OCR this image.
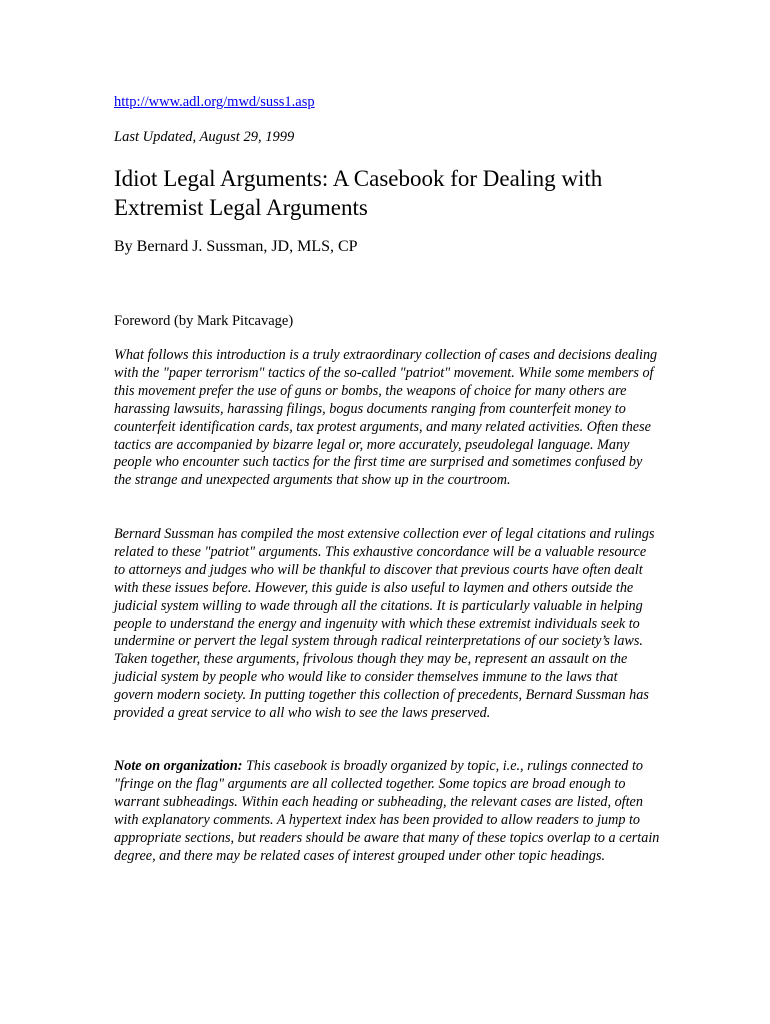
http://www.adl.org/mwd/suss1.asp
Last Updated, August 29, 1999
Idiot Legal Arguments: A Casebook for Dealing with Extremist Legal Arguments
By Bernard J. Sussman, JD, MLS, CP
Foreword (by Mark Pitcavage)

What follows this introduction is a truly extraordinary collection of cases and decisions dealing with the "paper terrorism" tactics of the so-called "patriot" movement. While some members of this movement prefer the use of guns or bombs, the weapons of choice for many others are harassing lawsuits, harassing filings, bogus documents ranging from counterfeit money to counterfeit identification cards, tax protest arguments, and many related activities. Often these tactics are accompanied by bizarre legal or, more accurately, pseudolegal language. Many people who encounter such tactics for the first time are surprised and sometimes confused by the strange and unexpected arguments that show up in the courtroom.

Bernard Sussman has compiled the most extensive collection ever of legal citations and rulings related to these "patriot" arguments. This exhaustive concordance will be a valuable resource to attorneys and judges who will be thankful to discover that previous courts have often dealt with these issues before. However, this guide is also useful to laymen and others outside the judicial system willing to wade through all the citations. It is particularly valuable in helping people to understand the energy and ingenuity with which these extremist individuals seek to undermine or pervert the legal system through radical reinterpretations of our society’s laws. Taken together, these arguments, frivolous though they may be, represent an assault on the judicial system by people who would like to consider themselves immune to the laws that govern modern society. In putting together this collection of precedents, Bernard Sussman has provided a great service to all who wish to see the laws preserved.

Note on organization: This casebook is broadly organized by topic, i.e., rulings connected to "fringe on the flag" arguments are all collected together. Some topics are broad enough to warrant subheadings. Within each heading or subheading, the relevant cases are listed, often with explanatory comments. A hypertext index has been provided to allow readers to jump to appropriate sections, but readers should be aware that many of these topics overlap to a certain degree, and there may be related cases of interest grouped under other topic headings.
